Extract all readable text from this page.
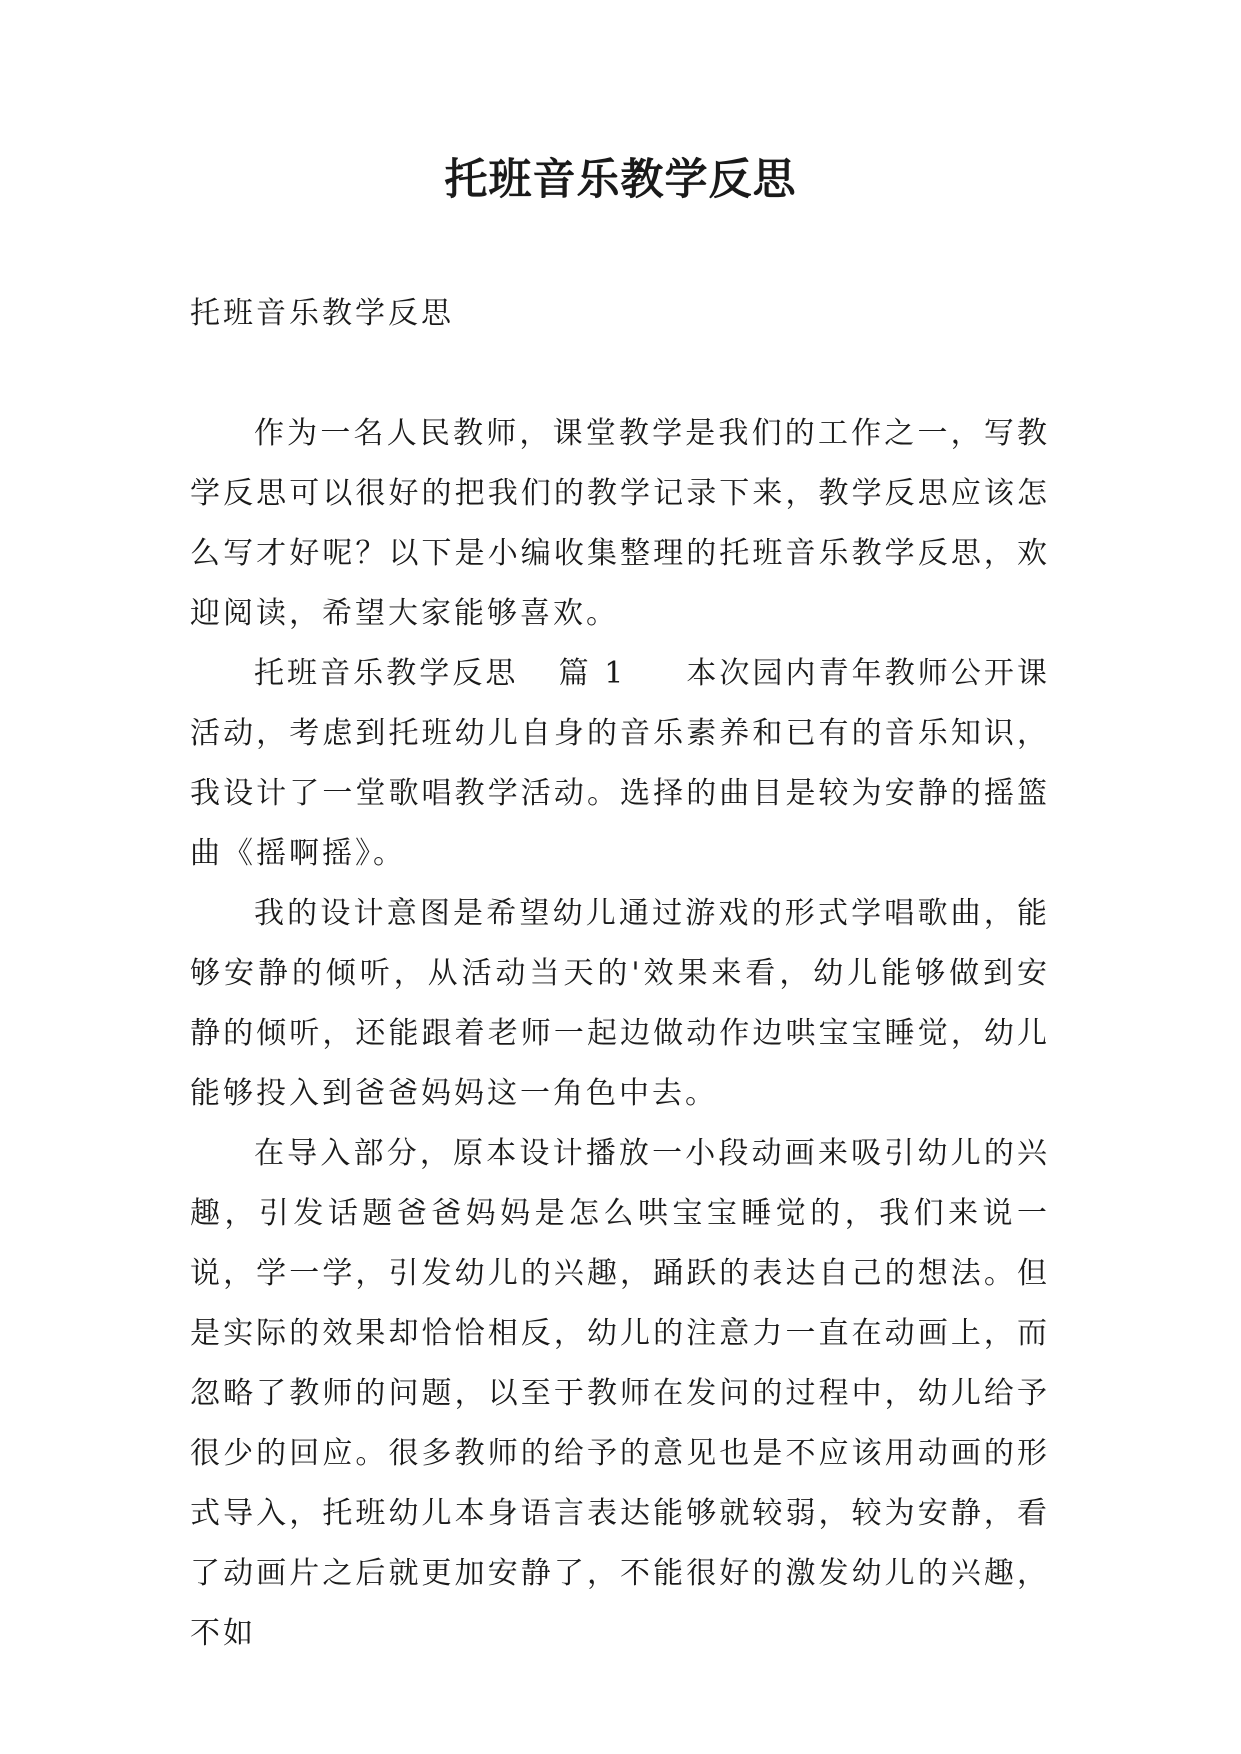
托班音乐教学反思

托班音乐教学反思

作为一名人民教师，课堂教学是我们的工作之一，写教学反思可以很好的把我们的教学记录下来，教学反思应该怎么写才好呢？以下是小编收集整理的托班音乐教学反思，欢迎阅读，希望大家能够喜欢。

托班音乐教学反思 篇 1 本次园内青年教师公开课活动，考虑到托班幼儿自身的音乐素养和已有的音乐知识，我设计了一堂歌唱教学活动。选择的曲目是较为安静的摇篮曲《摇啊摇》。

我的设计意图是希望幼儿通过游戏的形式学唱歌曲，能够安静的倾听，从活动当天的'效果来看，幼儿能够做到安静的倾听，还能跟着老师一起边做动作边哄宝宝睡觉，幼儿能够投入到爸爸妈妈这一角色中去。

在导入部分，原本设计播放一小段动画来吸引幼儿的兴趣，引发话题爸爸妈妈是怎么哄宝宝睡觉的，我们来说一说，学一学，引发幼儿的兴趣，踊跃的表达自己的想法。但是实际的效果却恰恰相反，幼儿的注意力一直在动画上，而忽略了教师的问题，以至于教师在发问的过程中，幼儿给予很少的回应。很多教师的给予的意见也是不应该用动画的形式导入，托班幼儿本身语言表达能够就较弱，较为安静，看了动画片之后就更加安静了，不能很好的激发幼儿的兴趣，不如
